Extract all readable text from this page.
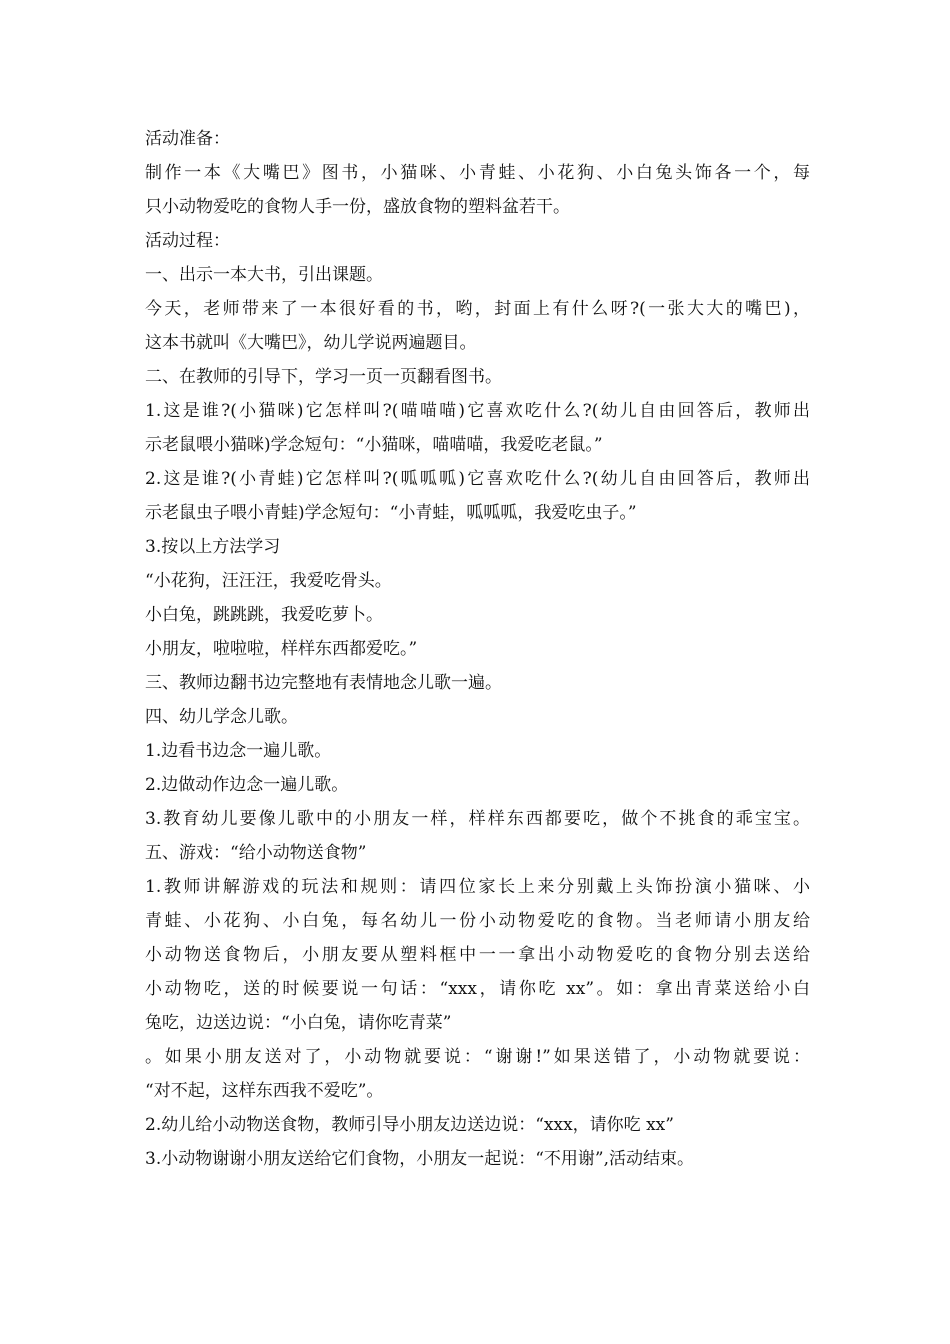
活动准备：
制作一本《大嘴巴》图书，小猫咪、小青蛙、小花狗、小白兔头饰各一个，每
只小动物爱吃的食物人手一份，盛放食物的塑料盆若干。
活动过程：
一、出示一本大书，引出课题。
今天，老师带来了一本很好看的书，哟，封面上有什么呀?(一张大大的嘴巴)，
这本书就叫《大嘴巴》，幼儿学说两遍题目。
二、在教师的引导下，学习一页一页翻看图书。
1.这是谁?(小猫咪)它怎样叫?(喵喵喵)它喜欢吃什么?(幼儿自由回答后，教师出
示老鼠喂小猫咪)学念短句：“小猫咪，喵喵喵，我爱吃老鼠。”
2.这是谁?(小青蛙)它怎样叫?(呱呱呱)它喜欢吃什么?(幼儿自由回答后，教师出
示老鼠虫子喂小青蛙)学念短句：“小青蛙，呱呱呱，我爱吃虫子。”
3.按以上方法学习
“小花狗，汪汪汪，我爱吃骨头。
小白兔，跳跳跳，我爱吃萝卜。
小朋友，啦啦啦，样样东西都爱吃。”
三、教师边翻书边完整地有表情地念儿歌一遍。
四、幼儿学念儿歌。
1.边看书边念一遍儿歌。
2.边做动作边念一遍儿歌。
3.教育幼儿要像儿歌中的小朋友一样，样样东西都要吃，做个不挑食的乖宝宝。
五、游戏：“给小动物送食物”
1.教师讲解游戏的玩法和规则：请四位家长上来分别戴上头饰扮演小猫咪、小
青蛙、小花狗、小白兔，每名幼儿一份小动物爱吃的食物。当老师请小朋友给
小动物送食物后，小朋友要从塑料框中一一拿出小动物爱吃的食物分别去送给
小动物吃，送的时候要说一句话：“xxx，请你吃 xx”。如：拿出青菜送给小白
兔吃，边送边说：“小白兔，请你吃青菜”
。如果小朋友送对了，小动物就要说：“谢谢!”如果送错了，小动物就要说：
“对不起，这样东西我不爱吃”。
2.幼儿给小动物送食物，教师引导小朋友边送边说：“xxx，请你吃 xx”
3.小动物谢谢小朋友送给它们食物，小朋友一起说：“不用谢”,活动结束。
